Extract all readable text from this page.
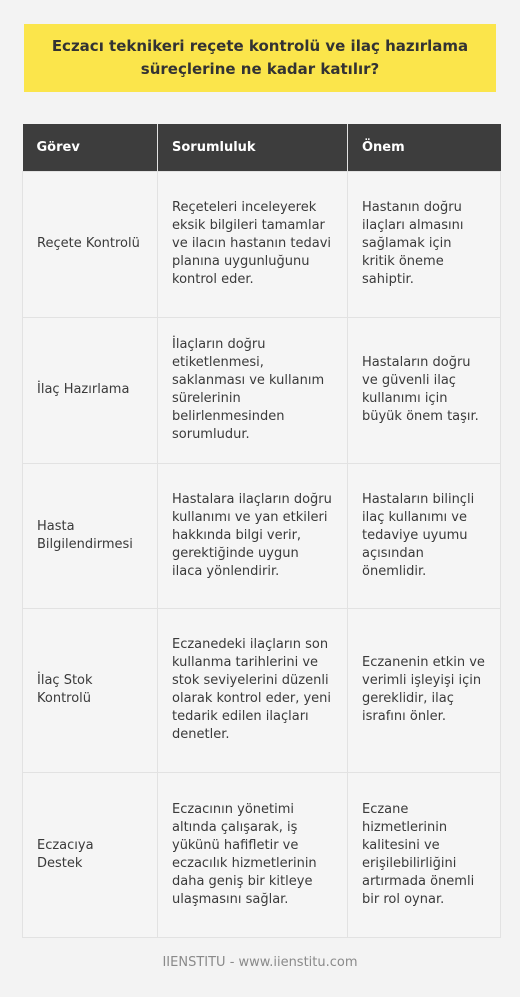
Eczacı teknikeri reçete kontrolü ve ilaç hazırlama süreçlerine ne kadar katılır?
Görev	Sorumluluk	Önem
Reçete Kontrolü	Reçeteleri inceleyerek eksik bilgileri tamamlar ve ilacın hastanın tedavi planına uygunluğunu kontrol eder.	Hastanın doğru ilaçları almasını sağlamak için kritik öneme sahiptir.
İlaç Hazırlama	İlaçların doğru etiketlenmesi, saklanması ve kullanım sürelerinin belirlenmesinden sorumludur.	Hastaların doğru ve güvenli ilaç kullanımı için büyük önem taşır.
Hasta Bilgilendirmesi	Hastalara ilaçların doğru kullanımı ve yan etkileri hakkında bilgi verir, gerektiğinde uygun ilaca yönlendirir.	Hastaların bilinçli ilaç kullanımı ve tedaviye uyumu açısından önemlidir.
İlaç Stok Kontrolü	Eczanedeki ilaçların son kullanma tarihlerini ve stok seviyelerini düzenli olarak kontrol eder, yeni tedarik edilen ilaçları denetler.	Eczanenin etkin ve verimli işleyişi için gereklidir, ilaç israfını önler.
Eczacıya Destek	Eczacının yönetimi altında çalışarak, iş yükünü hafifletir ve eczacılık hizmetlerinin daha geniş bir kitleye ulaşmasını sağlar.	Eczane hizmetlerinin kalitesini ve erişilebilirliğini artırmada önemli bir rol oynar.
IIENSTITU - www.iienstitu.com
